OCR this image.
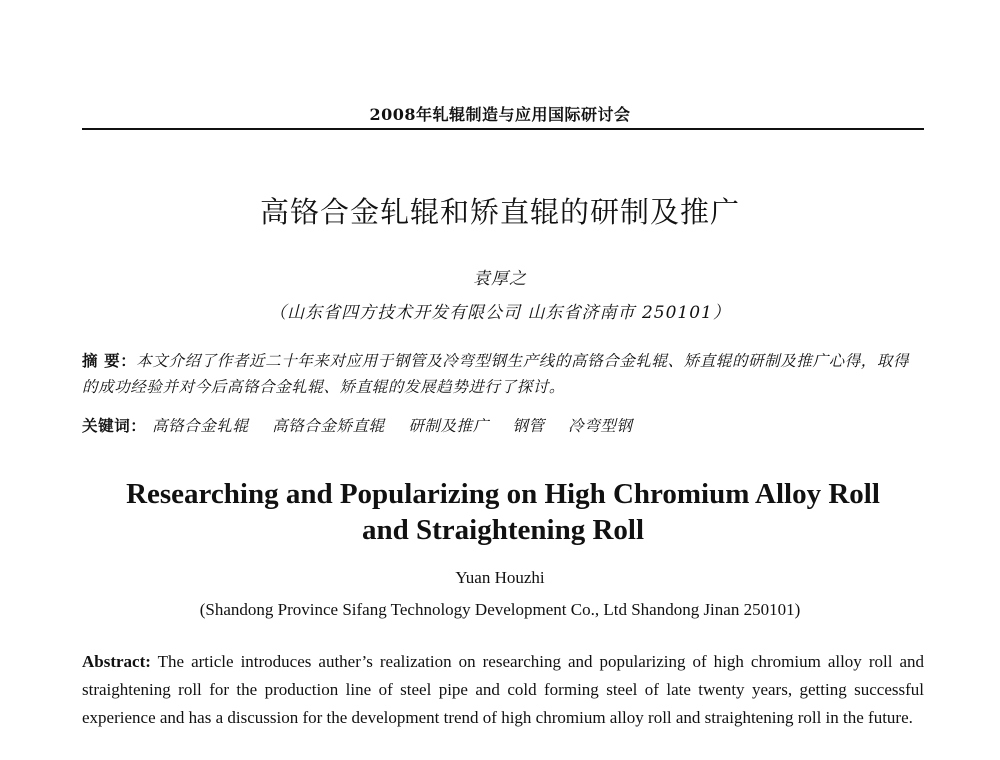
2008年轧辊制造与应用国际研讨会
高铬合金轧辊和矫直辊的研制及推广
袁厚之
（山东省四方技术开发有限公司 山东省济南市 250101）
摘 要：本文介绍了作者近二十年来对应用于钢管及冷弯型钢生产线的高铬合金轧辊、矫直辊的研制及推广心得，取得的成功经验并对今后高铬合金轧辊、矫直辊的发展趋势进行了探讨。
关键词： 高铬合金轧辊 高铬合金矫直辊 研制及推广 钢管 冷弯型钢
Researching and Popularizing on High Chromium Alloy Roll
and Straightening Roll
Yuan Houzhi
(Shandong Province Sifang Technology Development Co., Ltd Shandong Jinan 250101)
Abstract: The article introduces auther’s realization on researching and popularizing of high chromium alloy roll and straightening roll for the production line of steel pipe and cold forming steel of late twenty years, getting successful experience and has a discussion for the development trend of high chromium alloy roll and straightening roll in the future.
